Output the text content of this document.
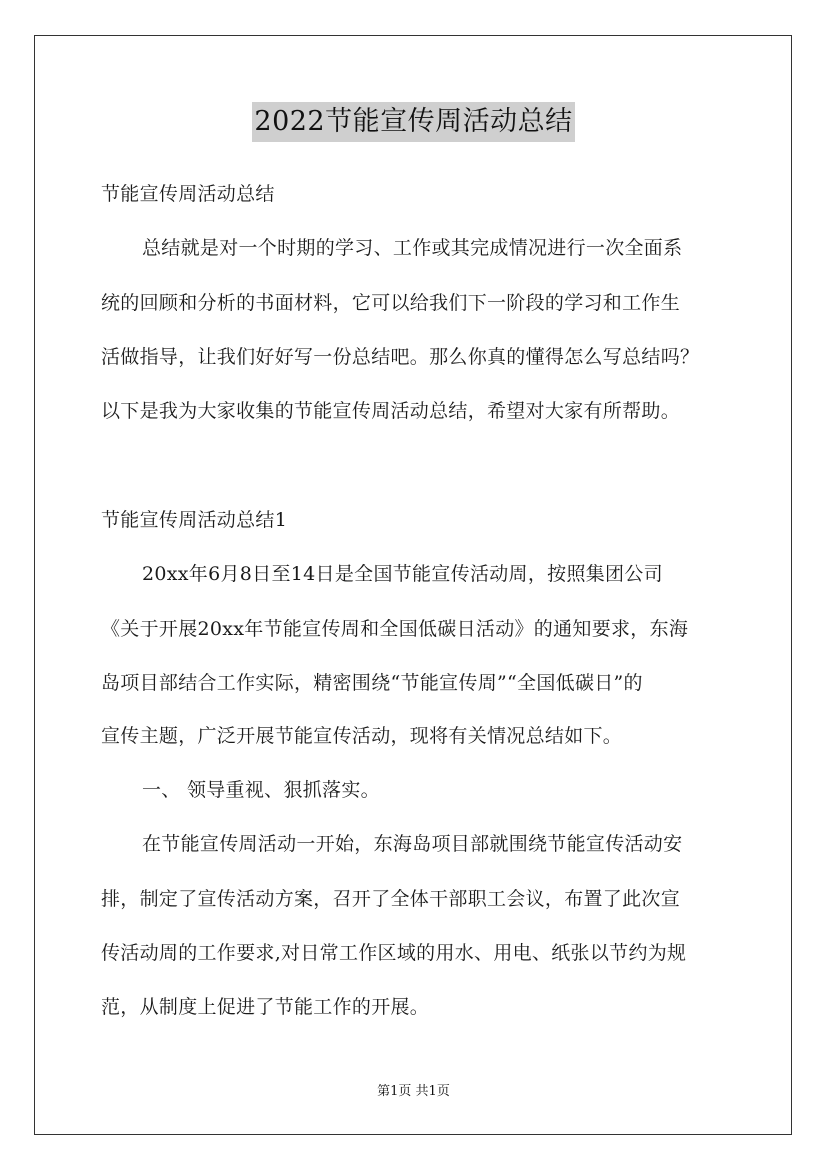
2022节能宣传周活动总结
节能宣传周活动总结
总结就是对一个时期的学习、工作或其完成情况进行一次全面系
统的回顾和分析的书面材料，它可以给我们下一阶段的学习和工作生
活做指导，让我们好好写一份总结吧。那么你真的懂得怎么写总结吗？
以下是我为大家收集的节能宣传周活动总结，希望对大家有所帮助。
节能宣传周活动总结1
20xx年6月8日至14日是全国节能宣传活动周，按照集团公司
《关于开展20xx年节能宣传周和全国低碳日活动》的通知要求，东海
岛项目部结合工作实际，精密围绕“节能宣传周”“全国低碳日”的
宣传主题，广泛开展节能宣传活动，现将有关情况总结如下。
一、 领导重视、狠抓落实。
在节能宣传周活动一开始，东海岛项目部就围绕节能宣传活动安
排，制定了宣传活动方案，召开了全体干部职工会议，布置了此次宣
传活动周的工作要求,对日常工作区域的用水、用电、纸张以节约为规
范，从制度上促进了节能工作的开展。
第1页 共1页
